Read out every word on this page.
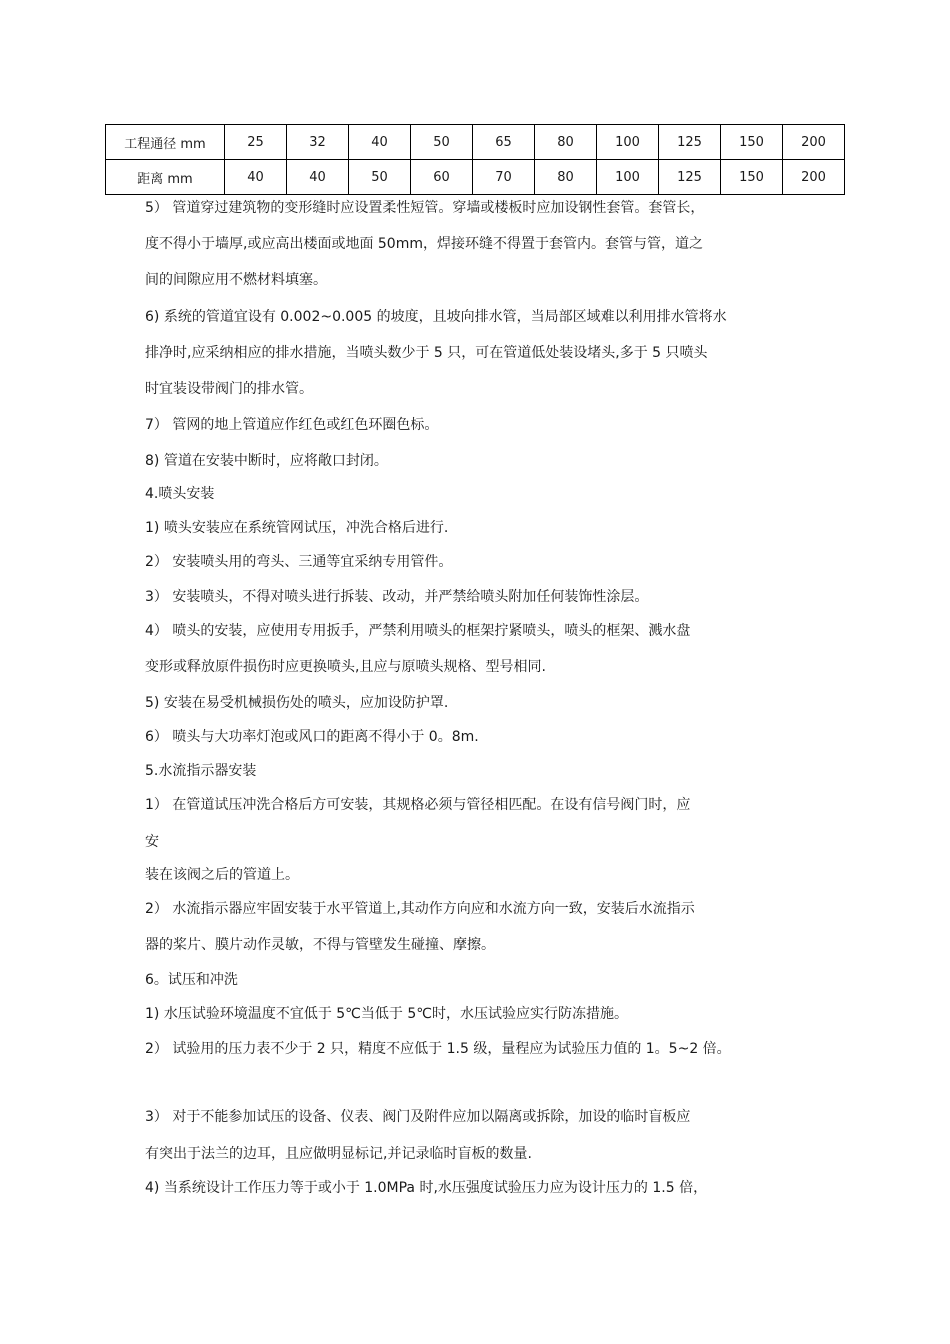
工程通径 mm	25	32	40	50	65	80	100	125	150	200
距离 mm	40	40	50	60	70	80	100	125	150	200
5） 管道穿过建筑物的变形缝时应设置柔性短管。穿墙或楼板时应加设钢性套管。套管长，
度不得小于墙厚,或应高出楼面或地面 50mm，焊接环缝不得置于套管内。套管与管，道之
间的间隙应用不燃材料填塞。
6) 系统的管道宜设有 0.002~0.005 的坡度，且坡向排水管，当局部区域难以利用排水管将水
排净时,应采纳相应的排水措施，当喷头数少于 5 只，可在管道低处装设堵头,多于 5 只喷头
时宜装设带阀门的排水管。
7） 管网的地上管道应作红色或红色环圈色标。
8) 管道在安装中断时，应将敞口封闭。
4.喷头安装
1) 喷头安装应在系统管网试压，冲洗合格后进行.
2） 安装喷头用的弯头、三通等宜采纳专用管件。
3） 安装喷头，不得对喷头进行拆装、改动，并严禁给喷头附加任何装饰性涂层。
4） 喷头的安装，应使用专用扳手，严禁利用喷头的框架拧紧喷头，喷头的框架、溅水盘
变形或释放原件损伤时应更换喷头,且应与原喷头规格、型号相同.
5) 安装在易受机械损伤处的喷头，应加设防护罩.
6） 喷头与大功率灯泡或风口的距离不得小于 0。8m.
5.水流指示器安装
1） 在管道试压冲洗合格后方可安装，其规格必须与管径相匹配。在设有信号阀门时，应
安
装在该阀之后的管道上。
2） 水流指示器应牢固安装于水平管道上,其动作方向应和水流方向一致，安装后水流指示
器的桨片、膜片动作灵敏，不得与管壁发生碰撞、摩擦。
6。试压和冲洗
1) 水压试验环境温度不宜低于 5℃当低于 5℃时，水压试验应实行防冻措施。
2） 试验用的压力表不少于 2 只，精度不应低于 1.5 级，量程应为试验压力值的 1。5~2 倍。
3） 对于不能参加试压的设备、仪表、阀门及附件应加以隔离或拆除，加设的临时盲板应
有突出于法兰的边耳，且应做明显标记,并记录临时盲板的数量.
4) 当系统设计工作压力等于或小于 1.0MPa 时,水压强度试验压力应为设计压力的 1.5 倍，
